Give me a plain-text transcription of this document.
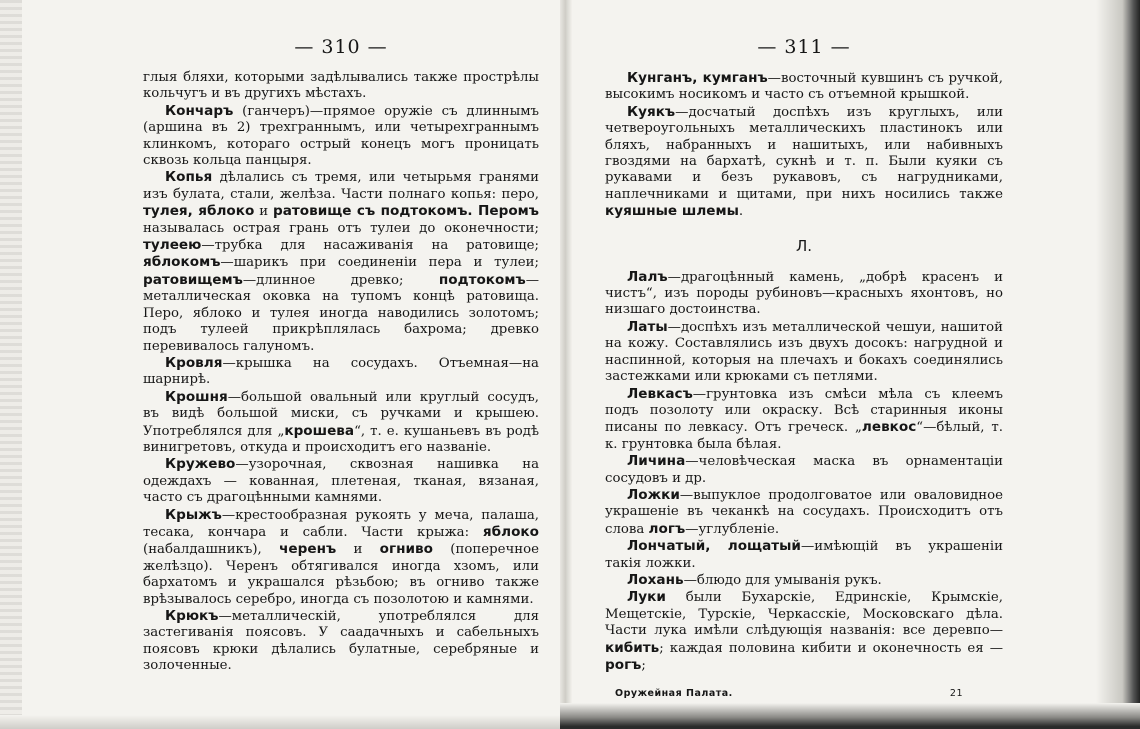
— 310 —

глыя бляхи, которыми задѣлывались также прострѣлы кольчугъ и въ другихъ мѣстахъ.

Кончаръ (ганчеръ)—прямое оружіе съ длиннымъ (аршина въ 2) трехграннымъ, или четырехграннымъ клинкомъ, котораго острый конецъ могъ проницать сквозь кольца панцыря.

Копья дѣлались съ тремя, или четырьмя гранями изъ булата, стали, желѣза. Части полнаго копья: перо, тулея, яблоко и ратовище съ подтокомъ. Перомъ называлась острая грань отъ тулеи до оконечности; тулеею—трубка для насаживанія на ратовище; яблокомъ—шарикъ при соединеніи пера и тулеи; ратовищемъ—длинное древко; подтокомъ—металлическая оковка на тупомъ концѣ ратовища. Перо, яблоко и тулея иногда наводились золотомъ; подъ тулеей прикрѣплялась бахрома; древко перевивалось галуномъ.

Кровля—крышка на сосудахъ. Отъемная—на шарнирѣ.

Крошня—большой овальный или круглый сосудъ, въ видѣ большой миски, съ ручками и крышею. Употреблялся для „крошева“, т. е. кушаньевъ въ родѣ винигретовъ, откуда и происходитъ его названіе.

Кружево—узорочная, сквозная нашивка на одеждахъ — кованная, плетеная, тканая, вязаная, часто съ драгоцѣнными камнями.

Крыжъ—крестообразная рукоять у меча, палаша, тесака, кончара и сабли. Части крыжа: яблоко (набалдашникъ), черенъ и огниво (поперечное желѣзцо). Черенъ обтягивался иногда хзомъ, или бархатомъ и украшался рѣзьбою; въ огниво также врѣзывалось серебро, иногда съ позолотою и камнями.

Крюкъ—металлическій, употреблялся для застегиванія поясовъ. У саадачныхъ и сабельныхъ поясовъ крюки дѣлались булатные, серебряные и золоченные.

— 311 —

Кунганъ, кумганъ—восточный кувшинъ съ ручкой, высокимъ носикомъ и часто съ отъемной крышкой.

Куякъ—досчатый доспѣхъ изъ круглыхъ, или четвероугольныхъ металлическихъ пластинокъ или бляхъ, набранныхъ и нашитыхъ, или набивныхъ гвоздями на бархатѣ, сукнѣ и т. п. Были куяки съ рукавами и безъ рукавовъ, съ нагрудниками, наплечниками и щитами, при нихъ носились также куяшные шлемы.

Л.

Лалъ—драгоцѣнный камень, „добрѣ красенъ и чистъ“, изъ породы рубиновъ—красныхъ яхонтовъ, но низшаго достоинства.

Латы—доспѣхъ изъ металлической чешуи, нашитой на кожу. Составлялись изъ двухъ досокъ: нагрудной и наспинной, которыя на плечахъ и бокахъ соединялись застежками или крюками съ петлями.

Левкасъ—грунтовка изъ смѣси мѣла съ клеемъ подъ позолоту или окраску. Всѣ старинныя иконы писаны по левкасу. Отъ греческ. „левкос“—бѣлый, т. к. грунтовка была бѣлая.

Личина—человѣческая маска въ орнаментаціи сосудовъ и др.

Ложки—выпуклое продолговатое или оваловидное украшеніе въ чеканкѣ на сосудахъ. Происходитъ отъ слова логъ—углубленіе.

Лончатый, лощатый—имѣющій въ украшеніи такія ложки.

Лохань—блюдо для умыванія рукъ.

Луки были Бухарскіе, Едринскіе, Крымскіе, Мещетскіе, Турскіе, Черкасскіе, Московскаго дѣла. Части лука имѣли слѣдующія названія: все деревпо—кибить; каждая половина кибити и оконечность ея — рогъ;

Оружейная Палата.	21
